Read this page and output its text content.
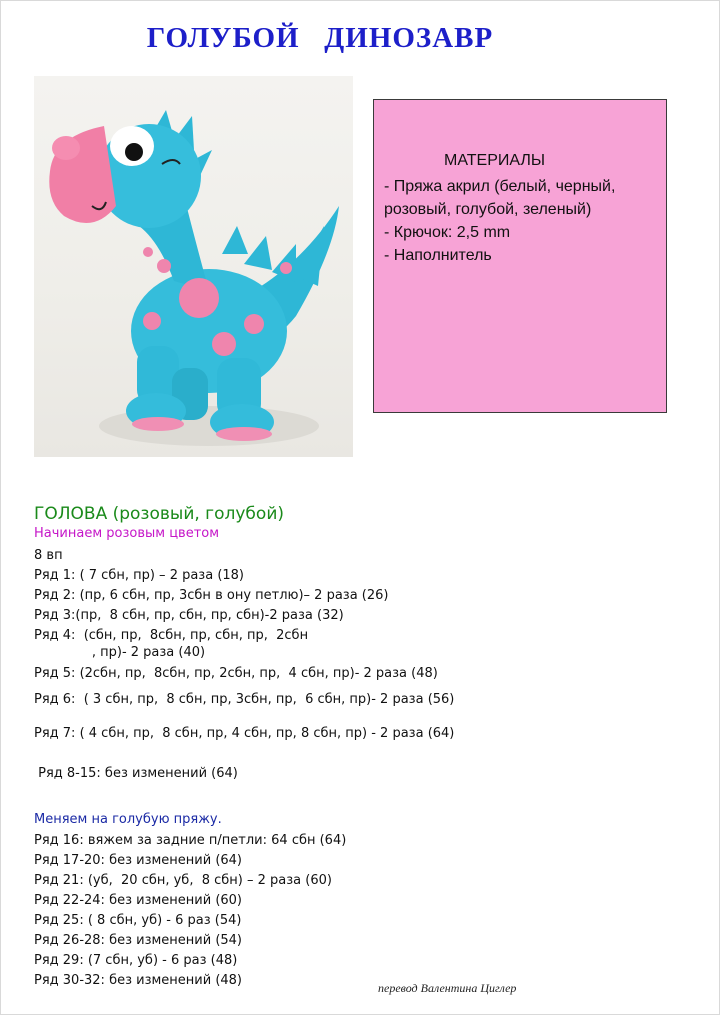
ГОЛУБОЙ   ДИНОЗАВР
МАТЕРИАЛЫ
- Пряжа акрил (белый, черный,
розовый, голубой, зеленый)
- Крючок: 2,5 mm
- Наполнитель
ГОЛОВА (розовый, голубой)
Начинаем розовым цветом
8 вп
Ряд 1: ( 7 сбн, пр) – 2 раза (18)
Ряд 2: (пр, 6 сбн, пр, 3сбн в ону петлю)– 2 раза (26)
Ряд 3:(пр,  8 сбн, пр, сбн, пр, сбн)-2 раза (32)
Ряд 4:  (сбн, пр,  8сбн, пр, сбн, пр,  2сбн
, пр)- 2 раза (40)
Ряд 5: (2сбн, пр,  8сбн, пр, 2сбн, пр,  4 сбн, пр)- 2 раза (48)
Ряд 6:  ( 3 сбн, пр,  8 сбн, пр, 3сбн, пр,  6 сбн, пр)- 2 раза (56)
Ряд 7: ( 4 сбн, пр,  8 сбн, пр, 4 сбн, пр, 8 сбн, пр) - 2 раза (64)
Ряд 8-15: без изменений (64)
Меняем на голубую пряжу.
Ряд 16: вяжем за задние п/петли: 64 сбн (64)
Ряд 17-20: без изменений (64)
Ряд 21: (уб,  20 сбн, уб,  8 сбн) – 2 раза (60)
Ряд 22-24: без изменений (60)
Ряд 25: ( 8 сбн, уб) - 6 раз (54)
Ряд 26-28: без изменений (54)
Ряд 29: (7 сбн, уб) - 6 раз (48)
Ряд 30-32: без изменений (48)	перевод Валентина Циглер
